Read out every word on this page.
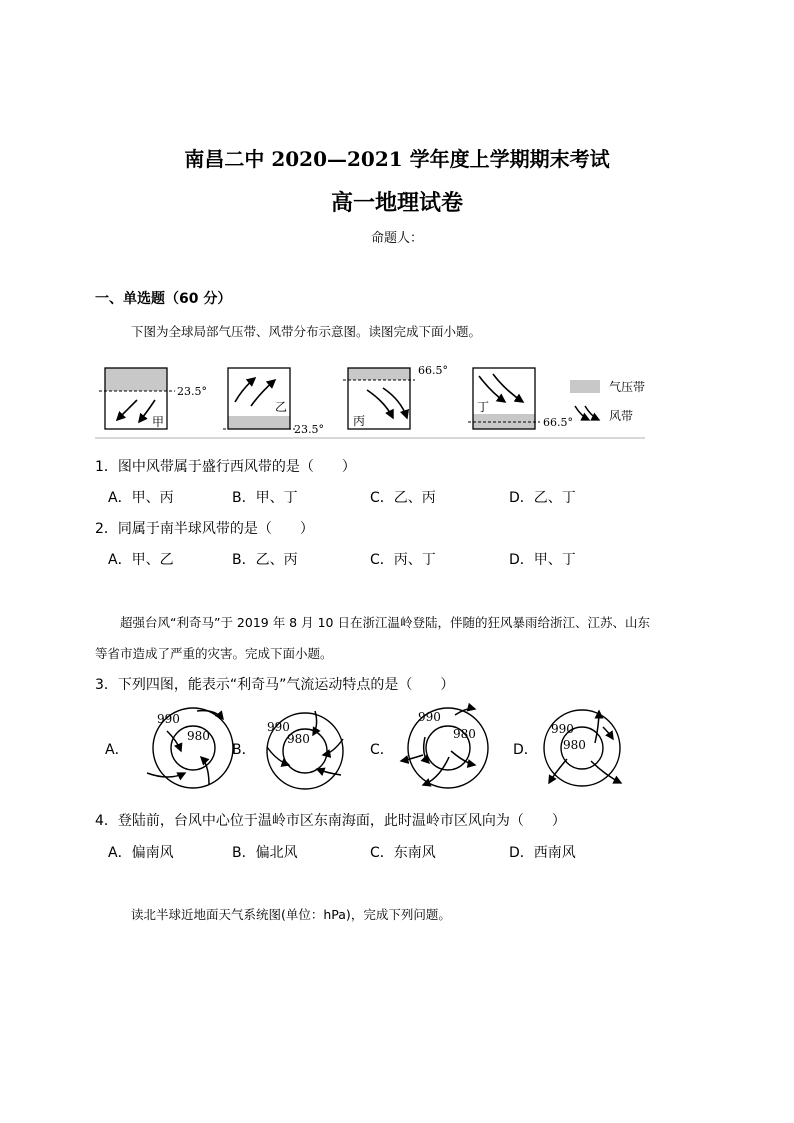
南昌二中 2020—2021 学年度上学期期末考试
高一地理试卷
命题人：
一、单选题（60 分）
下图为全球局部气压带、风带分布示意图。读图完成下面小题。
甲
23.5°
乙
23.5°
丙
66.5°
丁
66.5°
气压带
风带
1．图中风带属于盛行西风带的是（　　）
A．甲、丙	B．甲、丁	C．乙、丙	D．乙、丁
2．同属于南半球风带的是（　　）
A．甲、乙	B．乙、丙	C．丙、丁	D．甲、丁
超强台风“利奇马”于 2019 年 8 月 10 日在浙江温岭登陆，伴随的狂风暴雨给浙江、江苏、山东
等省市造成了严重的灾害。完成下面小题。
3．下列四图，能表示“利奇马”气流运动特点的是（　　）
A．
990
980
B．
990
980
C．
990
980
D．
990
980
4．登陆前，台风中心位于温岭市区东南海面，此时温岭市区风向为（　　）
A．偏南风	B．偏北风	C．东南风	D．西南风
读北半球近地面天气系统图(单位：hPa)，完成下列问题。
